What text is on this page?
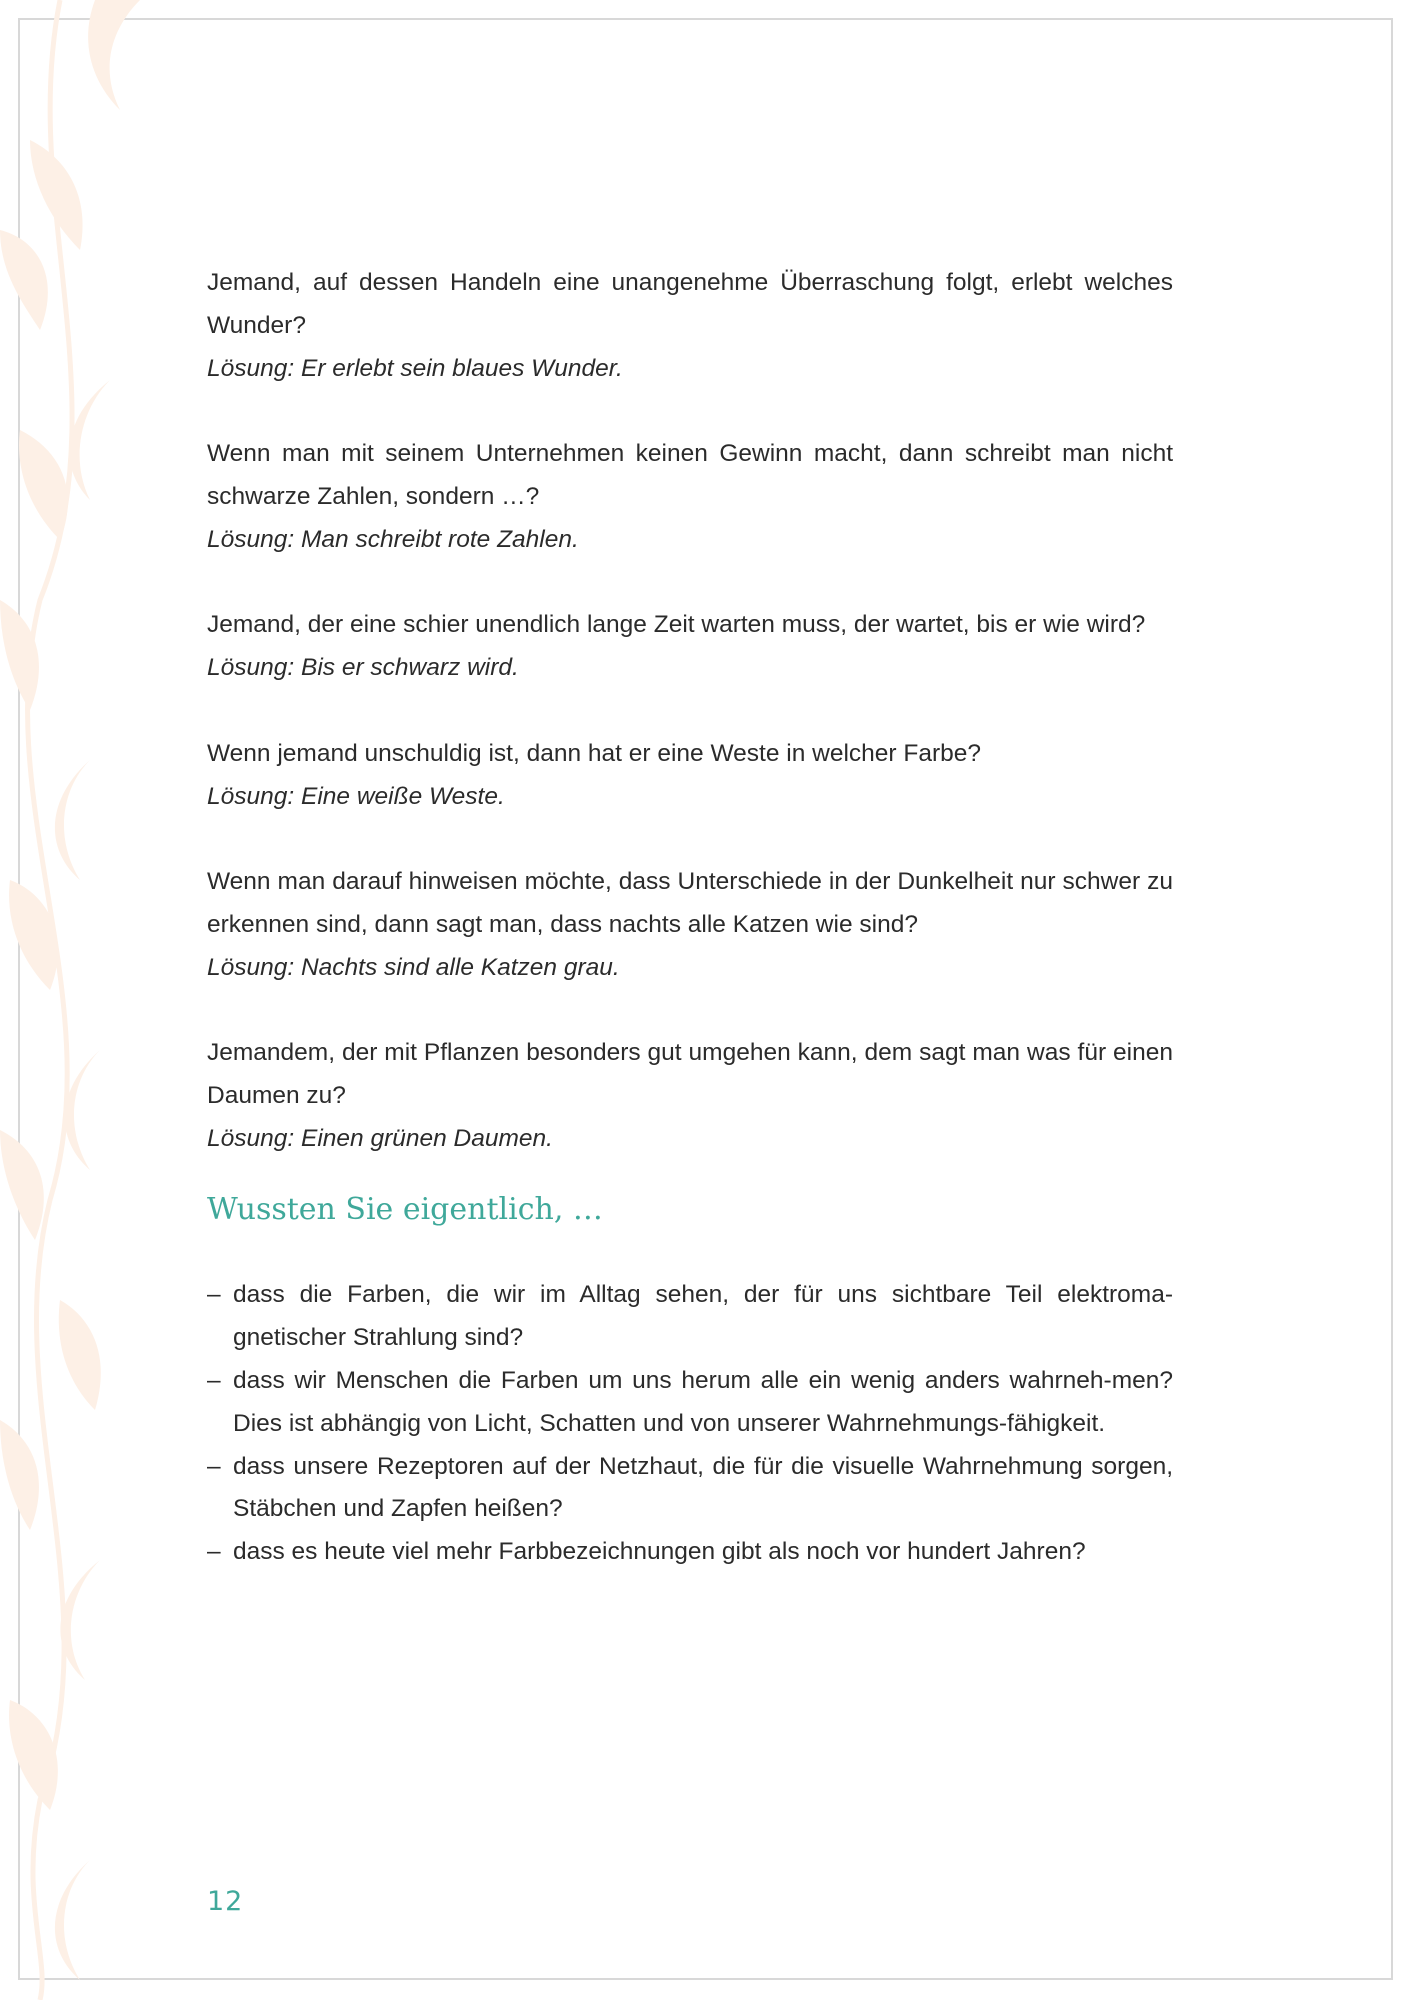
Jemand, auf dessen Handeln eine unangenehme Überraschung folgt, erlebt welches Wunder?
Lösung: Er erlebt sein blaues Wunder.
Wenn man mit seinem Unternehmen keinen Gewinn macht, dann schreibt man nicht schwarze Zahlen, sondern …?
Lösung: Man schreibt rote Zahlen.
Jemand, der eine schier unendlich lange Zeit warten muss, der wartet, bis er wie wird?
Lösung: Bis er schwarz wird.
Wenn jemand unschuldig ist, dann hat er eine Weste in welcher Farbe?
Lösung: Eine weiße Weste.
Wenn man darauf hinweisen möchte, dass Unterschiede in der Dunkelheit nur schwer zu erkennen sind, dann sagt man, dass nachts alle Katzen wie sind?
Lösung: Nachts sind alle Katzen grau.
Jemandem, der mit Pflanzen besonders gut umgehen kann, dem sagt man was für einen Daumen zu?
Lösung: Einen grünen Daumen.
Wussten Sie eigentlich, …
– dass die Farben, die wir im Alltag sehen, der für uns sichtbare Teil elektroma-gnetischer Strahlung sind?
– dass wir Menschen die Farben um uns herum alle ein wenig anders wahrneh-men? Dies ist abhängig von Licht, Schatten und von unserer Wahrnehmungs-fähigkeit.
– dass unsere Rezeptoren auf der Netzhaut, die für die visuelle Wahrnehmung sorgen, Stäbchen und Zapfen heißen?
– dass es heute viel mehr Farbbezeichnungen gibt als noch vor hundert Jahren?
12
